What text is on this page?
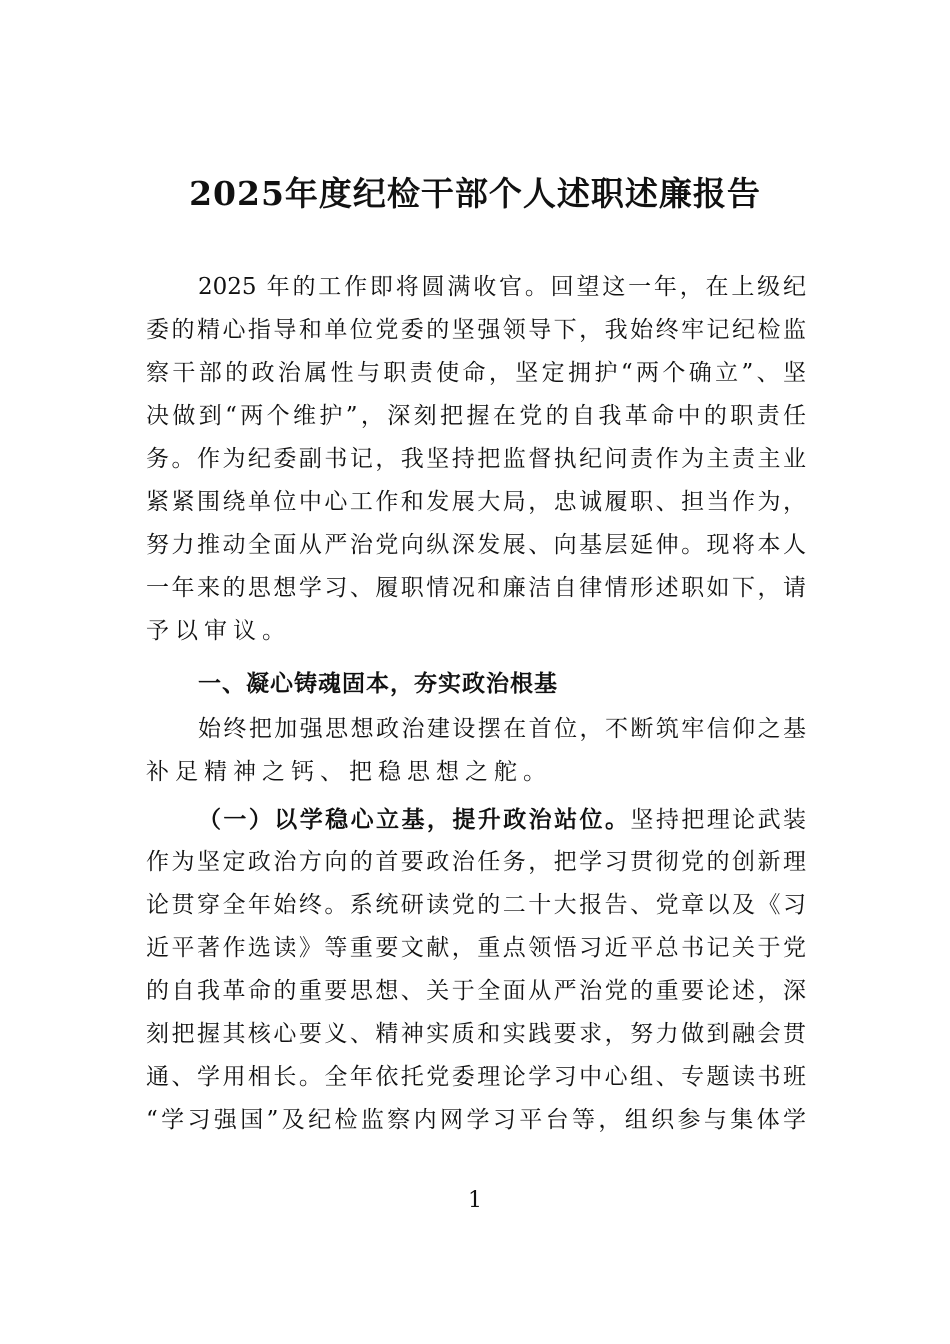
2025年度纪检干部个人述职述廉报告
2025 年的工作即将圆满收官。回望这一年，在上级纪
委的精心指导和单位党委的坚强领导下，我始终牢记纪检监
察干部的政治属性与职责使命，坚定拥护“两个确立”、坚
决做到“两个维护”，深刻把握在党的自我革命中的职责任
务。作为纪委副书记，我坚持把监督执纪问责作为主责主业
紧紧围绕单位中心工作和发展大局，忠诚履职、担当作为，
努力推动全面从严治党向纵深发展、向基层延伸。现将本人
一年来的思想学习、履职情况和廉洁自律情形述职如下，请
予以审议。
一、凝心铸魂固本，夯实政治根基
始终把加强思想政治建设摆在首位，不断筑牢信仰之基
补足精神之钙、把稳思想之舵。
（一）以学稳心立基，提升政治站位。坚持把理论武装
作为坚定政治方向的首要政治任务，把学习贯彻党的创新理
论贯穿全年始终。系统研读党的二十大报告、党章以及《习
近平著作选读》等重要文献，重点领悟习近平总书记关于党
的自我革命的重要思想、关于全面从严治党的重要论述，深
刻把握其核心要义、精神实质和实践要求，努力做到融会贯
通、学用相长。全年依托党委理论学习中心组、专题读书班
“学习强国”及纪检监察内网学习平台等，组织参与集体学
1
